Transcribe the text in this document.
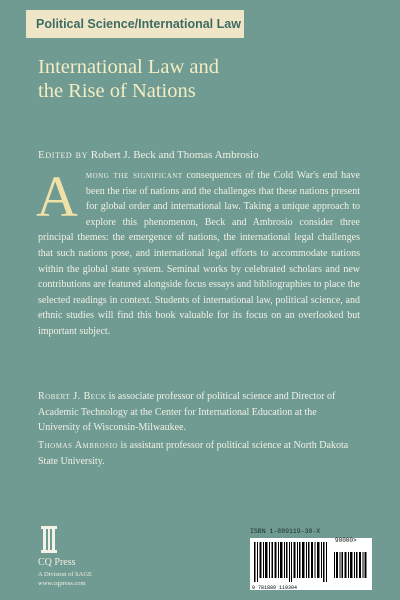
Political Science/International Law
International Law and
the Rise of Nations
Edited by Robert J. Beck and Thomas Ambrosio
A mong the significant consequences of the Cold War's end have been the rise of nations and the challenges that these nations present for global order and international law. Taking a unique approach to explore this phenomenon, Beck and Ambrosio consider three principal themes: the emergence of nations, the international legal challenges that such nations pose, and international legal efforts to accommodate nations within the global state system. Seminal works by celebrated scholars and new contributions are featured alongside focus essays and bibliographies to place the selected readings in context. Students of international law, political science, and ethnic studies will find this book valuable for its focus on an overlooked but important subject.
Robert J. Beck is associate professor of political science and Director of Academic Technology at the Center for International Education at the University of Wisconsin-Milwaukee.
Thomas Ambrosio is assistant professor of political science at North Dakota State University.
CQ Press
A Division of SAGE
www.cqpress.com
ISBN 1-889119-30-X
90000>
9 781889 119304
